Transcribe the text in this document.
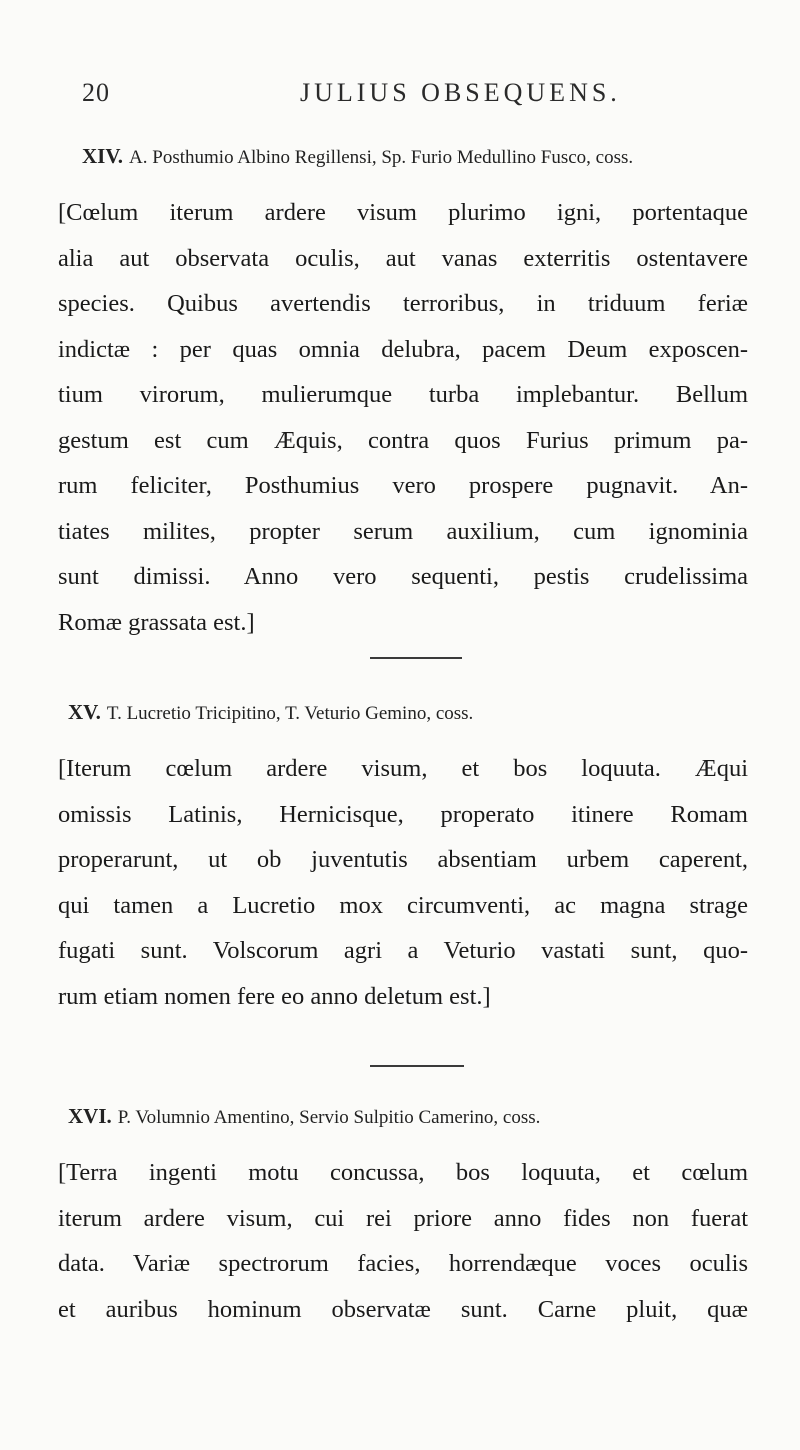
20	JULIUS OBSEQUENS.
XIV. A. Posthumio Albino Regillensi, Sp. Furio Medullino Fusco, coss.
[Cœlum iterum ardere visum plurimo igni, portentaque
alia aut observata oculis, aut vanas exterritis ostentavere
species. Quibus avertendis terroribus, in triduum feriæ
indictæ : per quas omnia delubra, pacem Deum exposcen-
tium virorum, mulierumque turba implebantur. Bellum
gestum est cum Æquis, contra quos Furius primum pa-
rum feliciter, Posthumius vero prospere pugnavit. An-
tiates milites, propter serum auxilium, cum ignominia
sunt dimissi. Anno vero sequenti, pestis crudelissima
Romæ grassata est.]
XV. T. Lucretio Tricipitino, T. Veturio Gemino, coss.
[Iterum cœlum ardere visum, et bos loquuta. Æqui
omissis Latinis, Hernicisque, properato itinere Romam
properarunt, ut ob juventutis absentiam urbem caperent,
qui tamen a Lucretio mox circumventi, ac magna strage
fugati sunt. Volscorum agri a Veturio vastati sunt, quo-
rum etiam nomen fere eo anno deletum est.]
XVI. P. Volumnio Amentino, Servio Sulpitio Camerino, coss.
[Terra ingenti motu concussa, bos loquuta, et cœlum
iterum ardere visum, cui rei priore anno fides non fuerat
data. Variæ spectrorum facies, horrendæque voces oculis
et auribus hominum observatæ sunt. Carne pluit, quæ
